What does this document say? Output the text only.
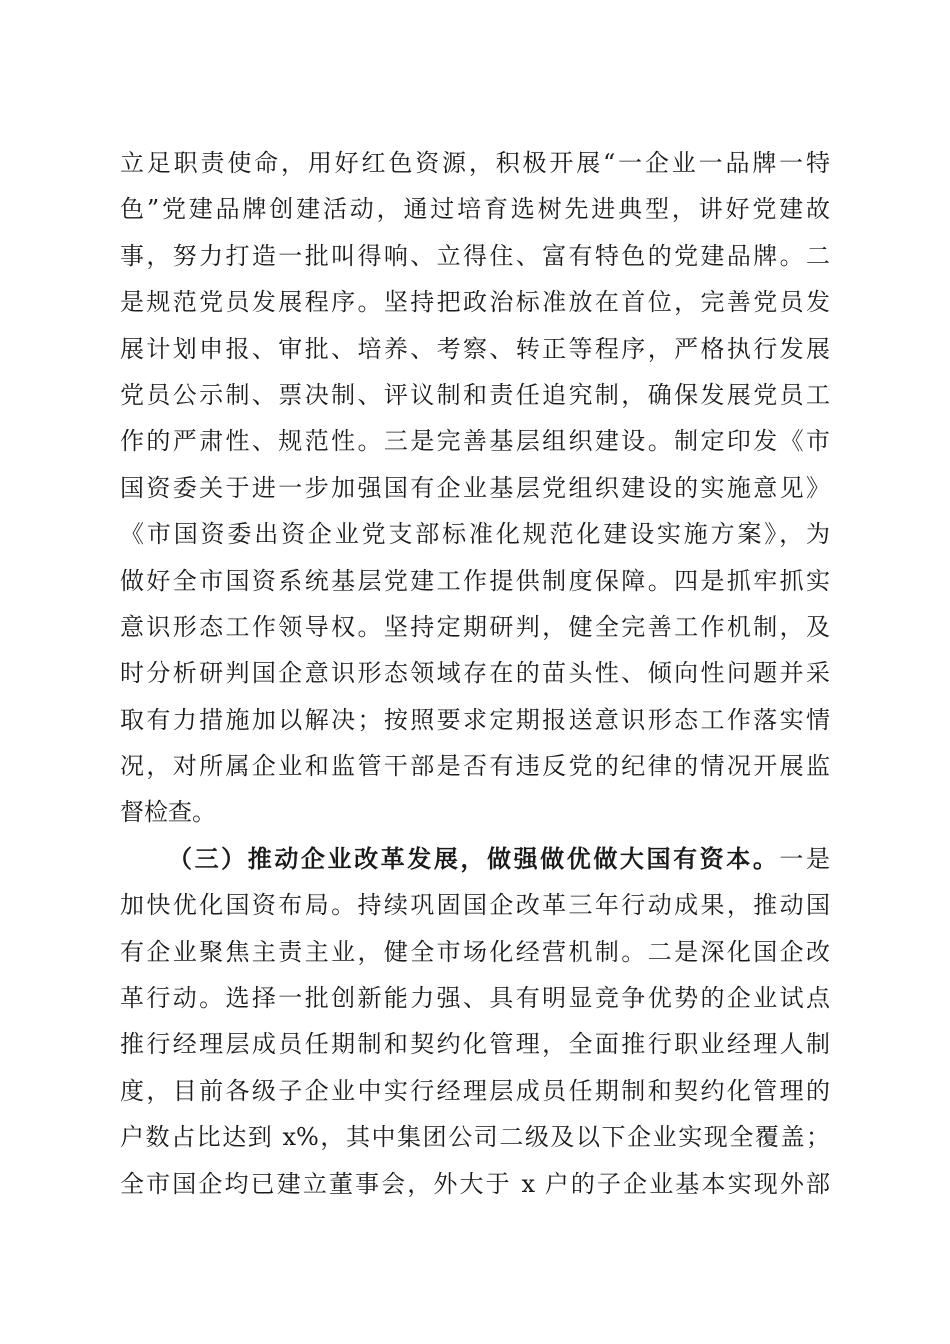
立足职责使命，用好红色资源，积极开展“一企业一品牌一特
色”党建品牌创建活动，通过培育选树先进典型，讲好党建故
事，努力打造一批叫得响、立得住、富有特色的党建品牌。二
是规范党员发展程序。坚持把政治标准放在首位，完善党员发
展计划申报、审批、培养、考察、转正等程序，严格执行发展
党员公示制、票决制、评议制和责任追究制，确保发展党员工
作的严肃性、规范性。三是完善基层组织建设。制定印发《市
国资委关于进一步加强国有企业基层党组织建设的实施意见》
《市国资委出资企业党支部标准化规范化建设实施方案》，为
做好全市国资系统基层党建工作提供制度保障。四是抓牢抓实
意识形态工作领导权。坚持定期研判，健全完善工作机制，及
时分析研判国企意识形态领域存在的苗头性、倾向性问题并采
取有力措施加以解决；按照要求定期报送意识形态工作落实情
况，对所属企业和监管干部是否有违反党的纪律的情况开展监
督检查。
（三）推动企业改革发展，做强做优做大国有资本。一是
加快优化国资布局。持续巩固国企改革三年行动成果，推动国
有企业聚焦主责主业，健全市场化经营机制。二是深化国企改
革行动。选择一批创新能力强、具有明显竞争优势的企业试点
推行经理层成员任期制和契约化管理，全面推行职业经理人制
度，目前各级子企业中实行经理层成员任期制和契约化管理的
户数占比达到 x%，其中集团公司二级及以下企业实现全覆盖；
全市国企均已建立董事会，外大于 x 户的子企业基本实现外部
